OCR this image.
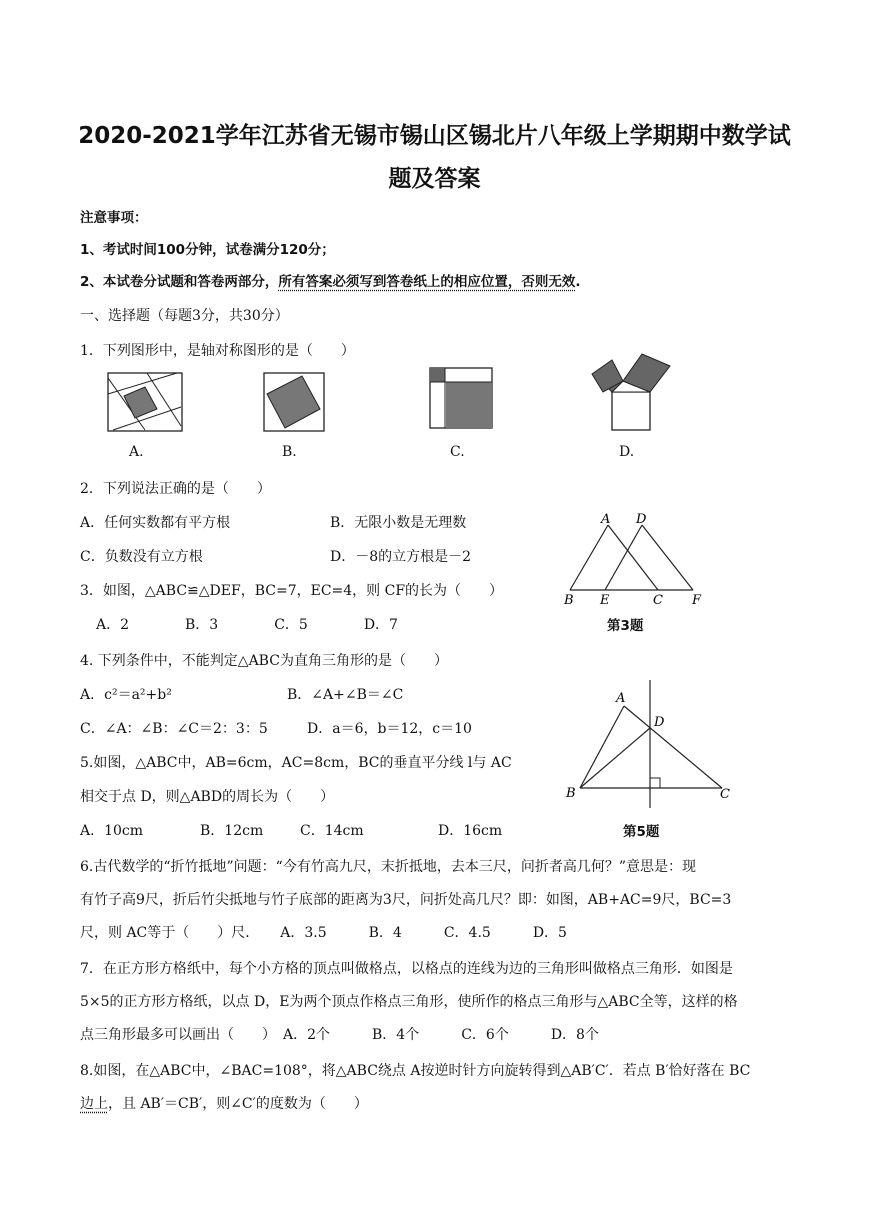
2020-2021学年江苏省无锡市锡山区锡北片八年级上学期期中数学试
题及答案
注意事项：
1、考试时间100分钟，试卷满分120分；
2、本试卷分试题和答卷两部分，所有答案必须写到答卷纸上的相应位置，否则无效.
一、选择题（每题3分，共30分）
1．下列图形中，是轴对称图形的是（　　）
A.	B.	C.	D.
2．下列说法正确的是（　　）
A．任何实数都有平方根	B．无限小数是无理数
C．负数没有立方根	D．－8的立方根是－2
A D
B E	C F
第3题
3．如图，△ABC≌△DEF，BC=7，EC=4，则 CF的长为（　　）
A．2　　　　B．3　　　　C．5　　　　D．7
4. 下列条件中，不能判定△ABC为直角三角形的是（　　）
A．c²＝a²+b²	B．∠A+∠B＝∠C
C．∠A：∠B：∠C＝2：3：5	D．a＝6，b＝12，c＝10
A
D
B	C
第5题
5.如图，△ABC中，AB=6cm，AC=8cm，BC的垂直平分线 l与 AC
相交于点 D，则△ABD的周长为（　　）
A．10cm	B．12cm	C．14cm	D．16cm
6.古代数学的“折竹抵地”问题：“今有竹高九尺，末折抵地，去本三尺，问折者高几何？”意思是：现
有竹子高9尺，折后竹尖抵地与竹子底部的距离为3尺，问折处高几尺？即：如图，AB+AC=9尺，BC=3
尺，则 AC等于（　　）尺．　　A．3.5　　　B．4　　　C．4.5　　　D．5
7．在正方形方格纸中，每个小方格的顶点叫做格点，以格点的连线为边的三角形叫做格点三角形．如图是
5×5的正方形方格纸，以点 D，E为两个顶点作格点三角形，使所作的格点三角形与△ABC全等，这样的格
点三角形最多可以画出（　　）　A．2个　　　B．4个　　　C．6个　　　D．8个
8.如图，在△ABC中，∠BAC=108°，将△ABC绕点 A按逆时针方向旋转得到△AB′C′．若点 B′恰好落在 BC
边上，且 AB′＝CB′，则∠C′的度数为（　　）
